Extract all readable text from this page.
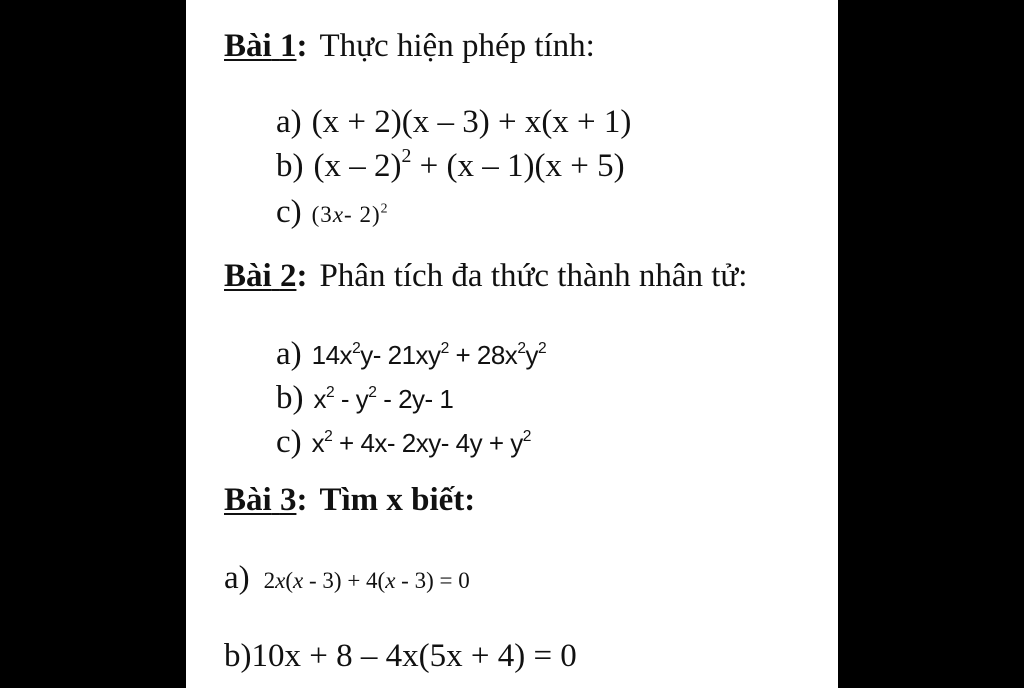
Bài 1: Thực hiện phép tính:
a) (x + 2)(x – 3) + x(x + 1)
b) (x – 2)$^2$ + (x – 1)(x + 5)
c) (3x- 2)$^2$
Bài 2: Phân tích đa thức thành nhân tử:
a) $14x^2y-$ $21xy^2 + 28x^2y^2$
b) $x^2 - y^2 - 2y-$ 1
c) $x^2 + 4x-$ 2xy- $4y + y^2$
Bài 3: Tìm x biết:
a) 2x(x - 3) + 4(x - 3) = 0
b)10x + 8 – 4x(5x + 4) = 0
